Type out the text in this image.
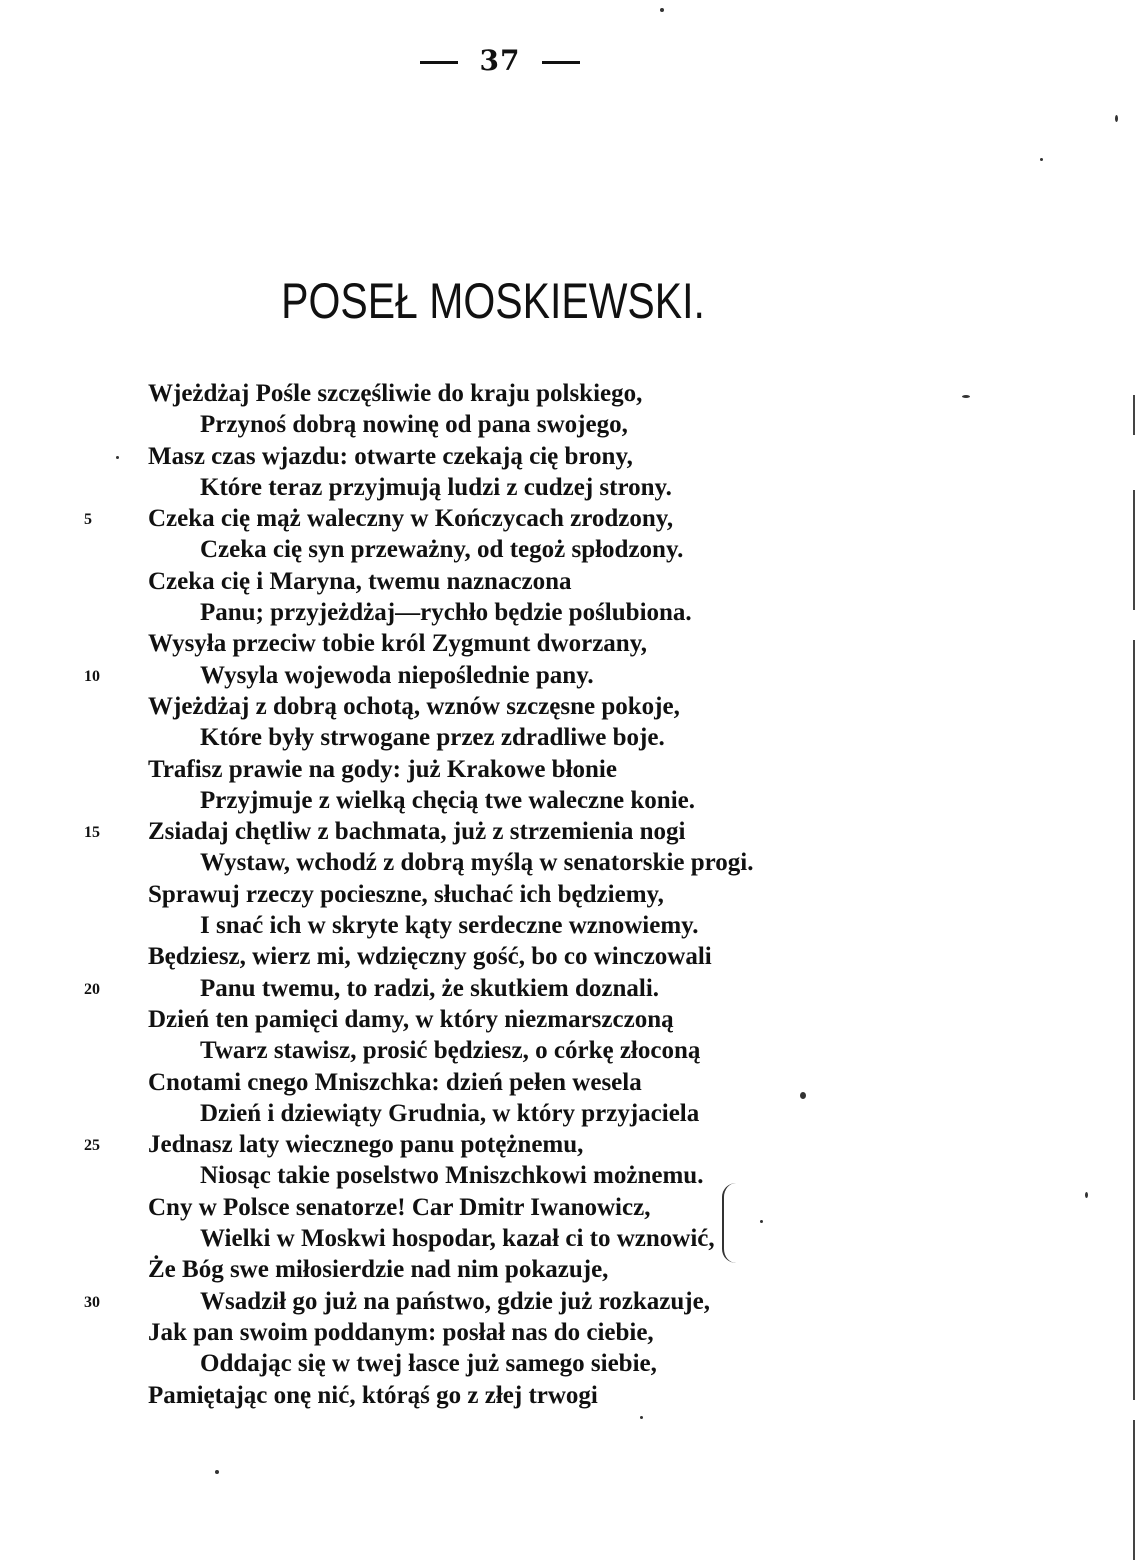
37
POSEŁ MOSKIEWSKI.
Wjeżdżaj Pośle szczęśliwie do kraju polskiego,
Przynoś dobrą nowinę od pana swojego,
Masz czas wjazdu: otwarte czekają cię brony,
Które teraz przyjmują ludzi z cudzej strony.
Czeka cię mąż waleczny w Kończycach zrodzony,
5
Czeka cię syn przeważny, od tegoż spłodzony.
Czeka cię i Maryna, twemu naznaczona
Panu; przyjeżdżaj—rychło będzie poślubiona.
Wysyła przeciw tobie król Zygmunt dworzany,
Wysyla wojewoda niepoślednie pany.
10
Wjeżdżaj z dobrą ochotą, wznów szczęsne pokoje,
Które były strwogane przez zdradliwe boje.
Trafisz prawie na gody: już Krakowe błonie
Przyjmuje z wielką chęcią twe waleczne konie.
Zsiadaj chętliw z bachmata, już z strzemienia nogi
15
Wystaw, wchodź z dobrą myślą w senatorskie progi.
Sprawuj rzeczy pocieszne, słuchać ich będziemy,
I snać ich w skryte kąty serdeczne wznowiemy.
Będziesz, wierz mi, wdzięczny gość, bo co winczowali
Panu twemu, to radzi, że skutkiem doznali.
20
Dzień ten pamięci damy, w który niezmarszczoną
Twarz stawisz, prosić będziesz, o córkę złoconą
Cnotami cnego Mniszchka: dzień pełen wesela
Dzień i dziewiąty Grudnia, w który przyjaciela
Jednasz laty wiecznego panu potężnemu,
25
Niosąc takie poselstwo Mniszchkowi możnemu.
Cny w Polsce senatorze! Car Dmitr Iwanowicz,
Wielki w Moskwi hospodar, kazał ci to wznowić,
Że Bóg swe miłosierdzie nad nim pokazuje,
Wsadził go już na państwo, gdzie już rozkazuje,
30
Jak pan swoim poddanym: posłał nas do ciebie,
Oddając się w twej łasce już samego siebie,
Pamiętając onę nić, którąś go z złej trwogi
